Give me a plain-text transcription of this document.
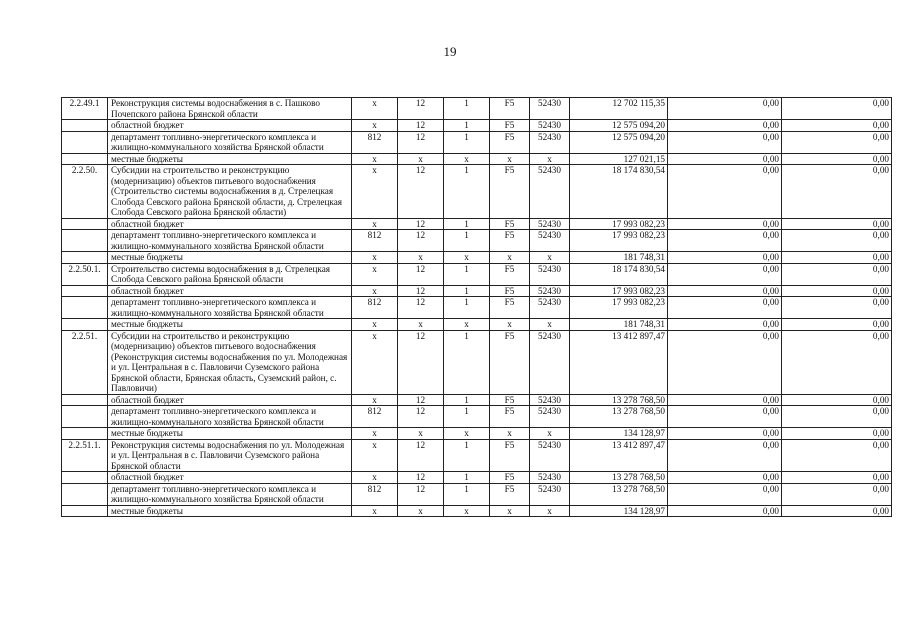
19
2.2.49.1	Реконструкция системы водоснабжения в с. Пашково Почепского района Брянской области	x	12	1	F5	52430	12 702 115,35	0,00	0,00
	областной бюджет	x	12	1	F5	52430	12 575 094,20	0,00	0,00
	департамент топливно-энергетического комплекса и жилищно-коммунального хозяйства Брянской области	812	12	1	F5	52430	12 575 094,20	0,00	0,00
	местные бюджеты	x	x	x	x	x	127 021,15	0,00	0,00
2.2.50.	Субсидии на строительство и реконструкцию (модернизацию) объектов питьевого водоснабжения (Строительство системы водоснабжения в д. Стрелецкая Слобода Севского района Брянской области, д. Стрелецкая Слобода Севского района Брянской области)	x	12	1	F5	52430	18 174 830,54	0,00	0,00
	областной бюджет	x	12	1	F5	52430	17 993 082,23	0,00	0,00
	департамент топливно-энергетического комплекса и жилищно-коммунального хозяйства Брянской области	812	12	1	F5	52430	17 993 082,23	0,00	0,00
	местные бюджеты	x	x	x	x	x	181 748,31	0,00	0,00
2.2.50.1.	Строительство системы водоснабжения в д. Стрелецкая Слобода Севского района Брянской области	x	12	1	F5	52430	18 174 830,54	0,00	0,00
	областной бюджет	x	12	1	F5	52430	17 993 082,23	0,00	0,00
	департамент топливно-энергетического комплекса и жилищно-коммунального хозяйства Брянской области	812	12	1	F5	52430	17 993 082,23	0,00	0,00
	местные бюджеты	x	x	x	x	x	181 748,31	0,00	0,00
2.2.51.	Субсидии на строительство и реконструкцию (модернизацию) объектов питьевого водоснабжения (Реконструкция системы водоснабжения по ул. Молодежная и ул. Центральная в с. Павловичи Суземского района Брянской области, Брянская область, Суземский район, с. Павловичи)	x	12	1	F5	52430	13 412 897,47	0,00	0,00
	областной бюджет	x	12	1	F5	52430	13 278 768,50	0,00	0,00
	департамент топливно-энергетического комплекса и жилищно-коммунального хозяйства Брянской области	812	12	1	F5	52430	13 278 768,50	0,00	0,00
	местные бюджеты	x	x	x	x	x	134 128,97	0,00	0,00
2.2.51.1.	Реконструкция системы водоснабжения по ул. Молодежная и ул. Центральная в с. Павловичи Суземского района Брянской области	x	12	1	F5	52430	13 412 897,47	0,00	0,00
	областной бюджет	x	12	1	F5	52430	13 278 768,50	0,00	0,00
	департамент топливно-энергетического комплекса и жилищно-коммунального хозяйства Брянской области	812	12	1	F5	52430	13 278 768,50	0,00	0,00
	местные бюджеты	x	x	x	x	x	134 128,97	0,00	0,00
